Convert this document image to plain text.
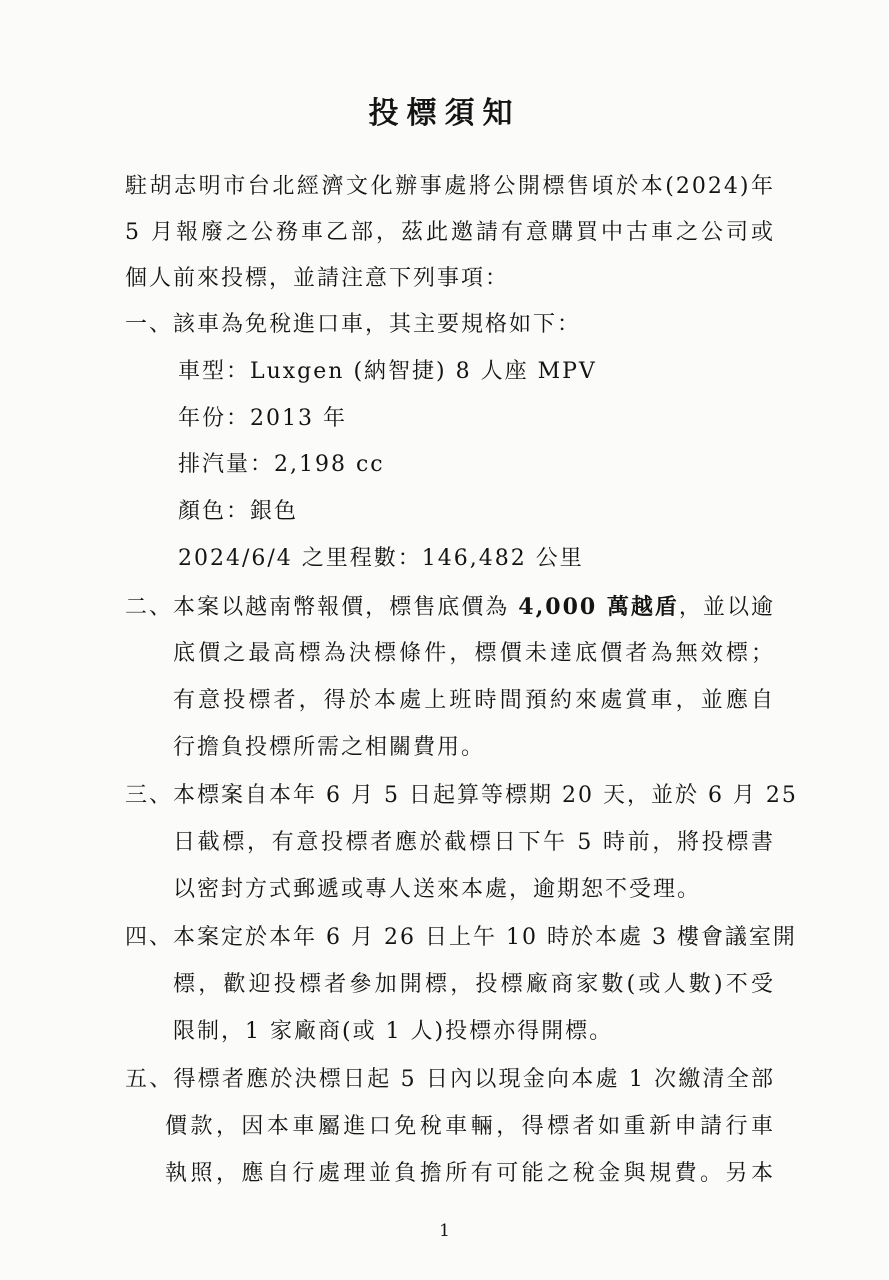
投標須知
駐胡志明市台北經濟文化辦事處將公開標售頃於本(2024)年
5 月報廢之公務車乙部，茲此邀請有意購買中古車之公司或
個人前來投標，並請注意下列事項：
一、該車為免稅進口車，其主要規格如下：
車型：Luxgen (納智捷) 8 人座 MPV
年份：2013 年
排汽量：2,198 cc
顏色：銀色
2024/6/4 之里程數：146,482 公里
二、本案以越南幣報價，標售底價為 4,000 萬越盾，並以逾
底價之最高標為決標條件，標價未達底價者為無效標；
有意投標者，得於本處上班時間預約來處賞車，並應自
行擔負投標所需之相關費用。
三、本標案自本年 6 月 5 日起算等標期 20 天，並於 6 月 25
日截標，有意投標者應於截標日下午 5 時前，將投標書
以密封方式郵遞或專人送來本處，逾期恕不受理。
四、本案定於本年 6 月 26 日上午 10 時於本處 3 樓會議室開
標，歡迎投標者參加開標，投標廠商家數(或人數)不受
限制，1 家廠商(或 1 人)投標亦得開標。
五、得標者應於決標日起 5 日內以現金向本處 1 次繳清全部
價款，因本車屬進口免稅車輛，得標者如重新申請行車
執照，應自行處理並負擔所有可能之稅金與規費。另本
1
